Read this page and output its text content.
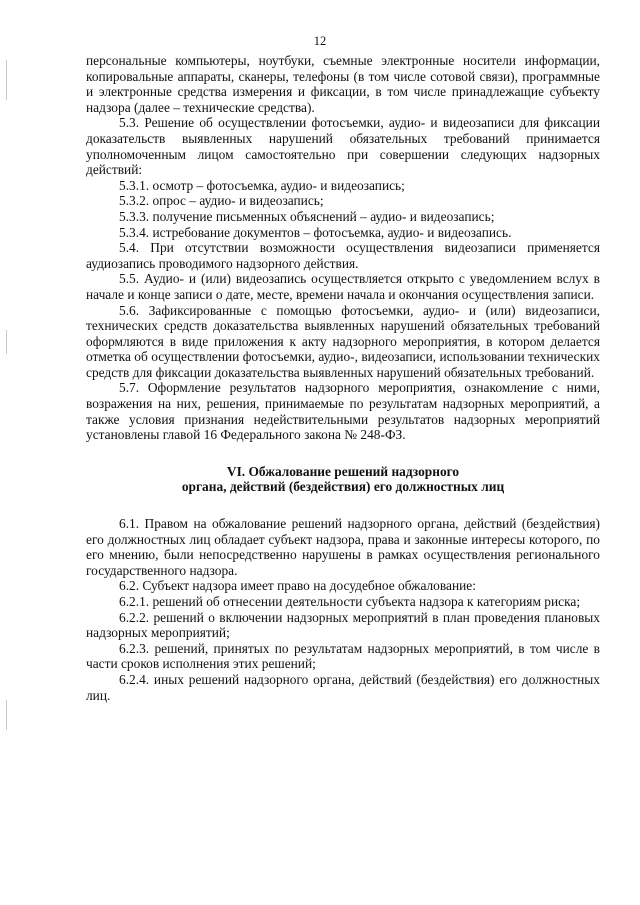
12

персональные компьютеры, ноутбуки, съемные электронные носители информации, копировальные аппараты, сканеры, телефоны (в том числе сотовой связи), программные и электронные средства измерения и фиксации, в том числе принадлежащие субъекту надзора (далее – технические средства).

5.3. Решение об осуществлении фотосъемки, аудио- и видеозаписи для фиксации доказательств выявленных нарушений обязательных требований принимается уполномоченным лицом самостоятельно при совершении следующих надзорных действий:

5.3.1. осмотр – фотосъемка, аудио- и видеозапись;

5.3.2. опрос – аудио- и видеозапись;

5.3.3. получение письменных объяснений – аудио- и видеозапись;

5.3.4. истребование документов – фотосъемка, аудио- и видеозапись.

5.4. При отсутствии возможности осуществления видеозаписи применяется аудиозапись проводимого надзорного действия.

5.5. Аудио- и (или) видеозапись осуществляется открыто с уведомлением вслух в начале и конце записи о дате, месте, времени начала и окончания осуществления записи.

5.6. Зафиксированные с помощью фотосъемки, аудио- и (или) видеозаписи, технических средств доказательства выявленных нарушений обязательных требований оформляются в виде приложения к акту надзорного мероприятия, в котором делается отметка об осуществлении фотосъемки, аудио-, видеозаписи, использовании технических средств для фиксации доказательства выявленных нарушений обязательных требований.

5.7. Оформление результатов надзорного мероприятия, ознакомление с ними, возражения на них, решения, принимаемые по результатам надзорных мероприятий, а также условия признания недействительными результатов надзорных мероприятий установлены главой 16 Федерального закона № 248-ФЗ.

VI. Обжалование решений надзорного
органа, действий (бездействия) его должностных лиц

6.1. Правом на обжалование решений надзорного органа, действий (бездействия) его должностных лиц обладает субъект надзора, права и законные интересы которого, по его мнению, были непосредственно нарушены в рамках осуществления регионального государственного надзора.

6.2. Субъект надзора имеет право на досудебное обжалование:

6.2.1. решений об отнесении деятельности субъекта надзора к категориям риска;

6.2.2. решений о включении надзорных мероприятий в план проведения плановых надзорных мероприятий;

6.2.3. решений, принятых по результатам надзорных мероприятий, в том числе в части сроков исполнения этих решений;

6.2.4. иных решений надзорного органа, действий (бездействия) его должностных лиц.
